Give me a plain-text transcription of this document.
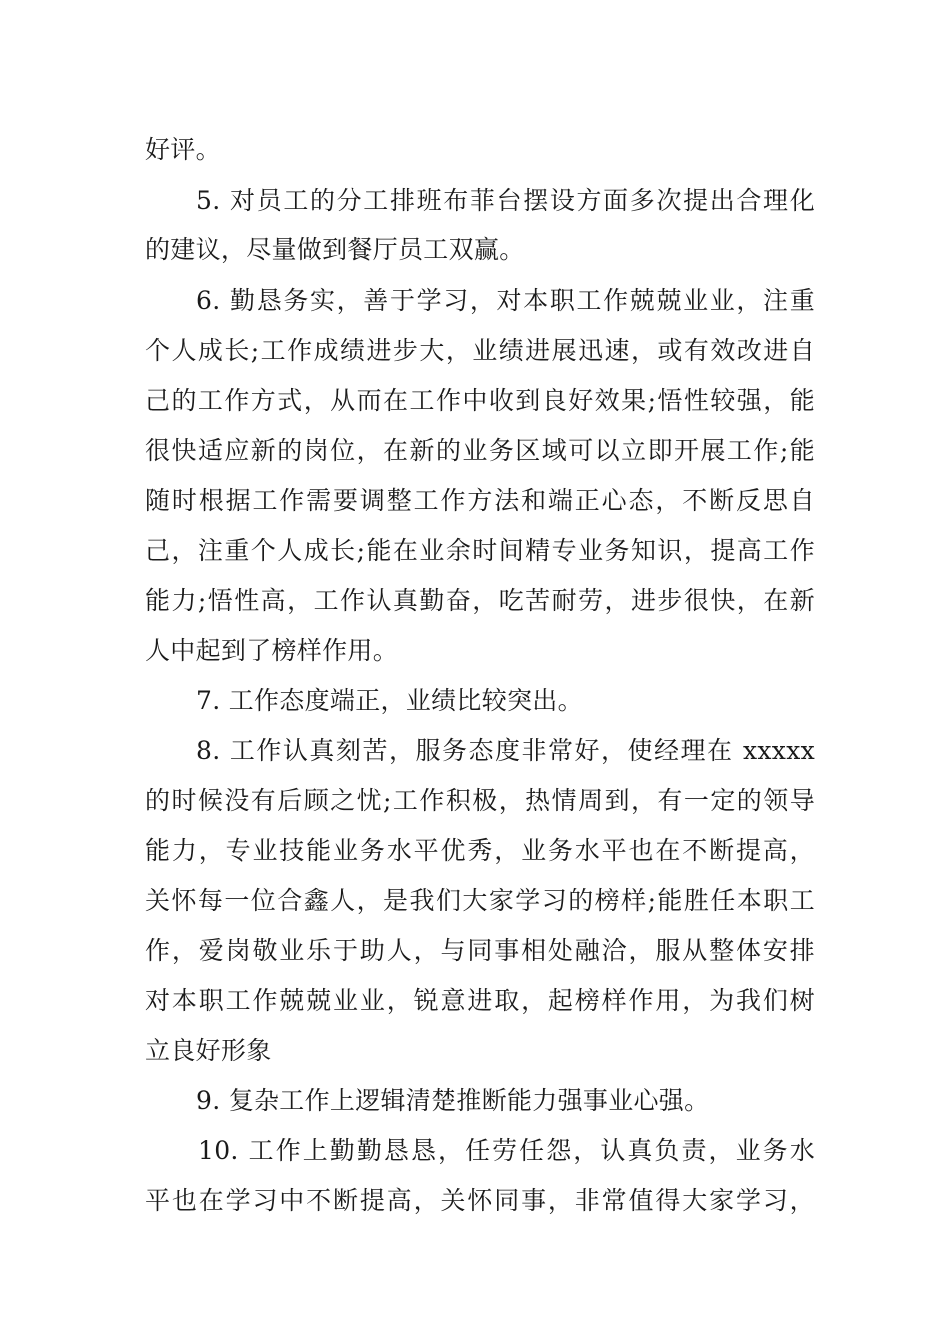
好评。
5. 对员工的分工排班布菲台摆设方面多次提出合理化
的建议，尽量做到餐厅员工双赢。
6. 勤恳务实，善于学习，对本职工作兢兢业业，注重
个人成长;工作成绩进步大，业绩进展迅速，或有效改进自
己的工作方式，从而在工作中收到良好效果;悟性较强，能
很快适应新的岗位，在新的业务区域可以立即开展工作;能
随时根据工作需要调整工作方法和端正心态，不断反思自
己，注重个人成长;能在业余时间精专业务知识，提高工作
能力;悟性高，工作认真勤奋，吃苦耐劳，进步很快，在新
人中起到了榜样作用。
7. 工作态度端正，业绩比较突出。
8. 工作认真刻苦，服务态度非常好，使经理在 xxxxx
的时候没有后顾之忧;工作积极，热情周到，有一定的领导
能力，专业技能业务水平优秀，业务水平也在不断提高，
关怀每一位合鑫人，是我们大家学习的榜样;能胜任本职工
作，爱岗敬业乐于助人，与同事相处融洽，服从整体安排
对本职工作兢兢业业，锐意进取，起榜样作用，为我们树
立良好形象
9. 复杂工作上逻辑清楚推断能力强事业心强。
10. 工作上勤勤恳恳，任劳任怨，认真负责，业务水
平也在学习中不断提高，关怀同事，非常值得大家学习，
